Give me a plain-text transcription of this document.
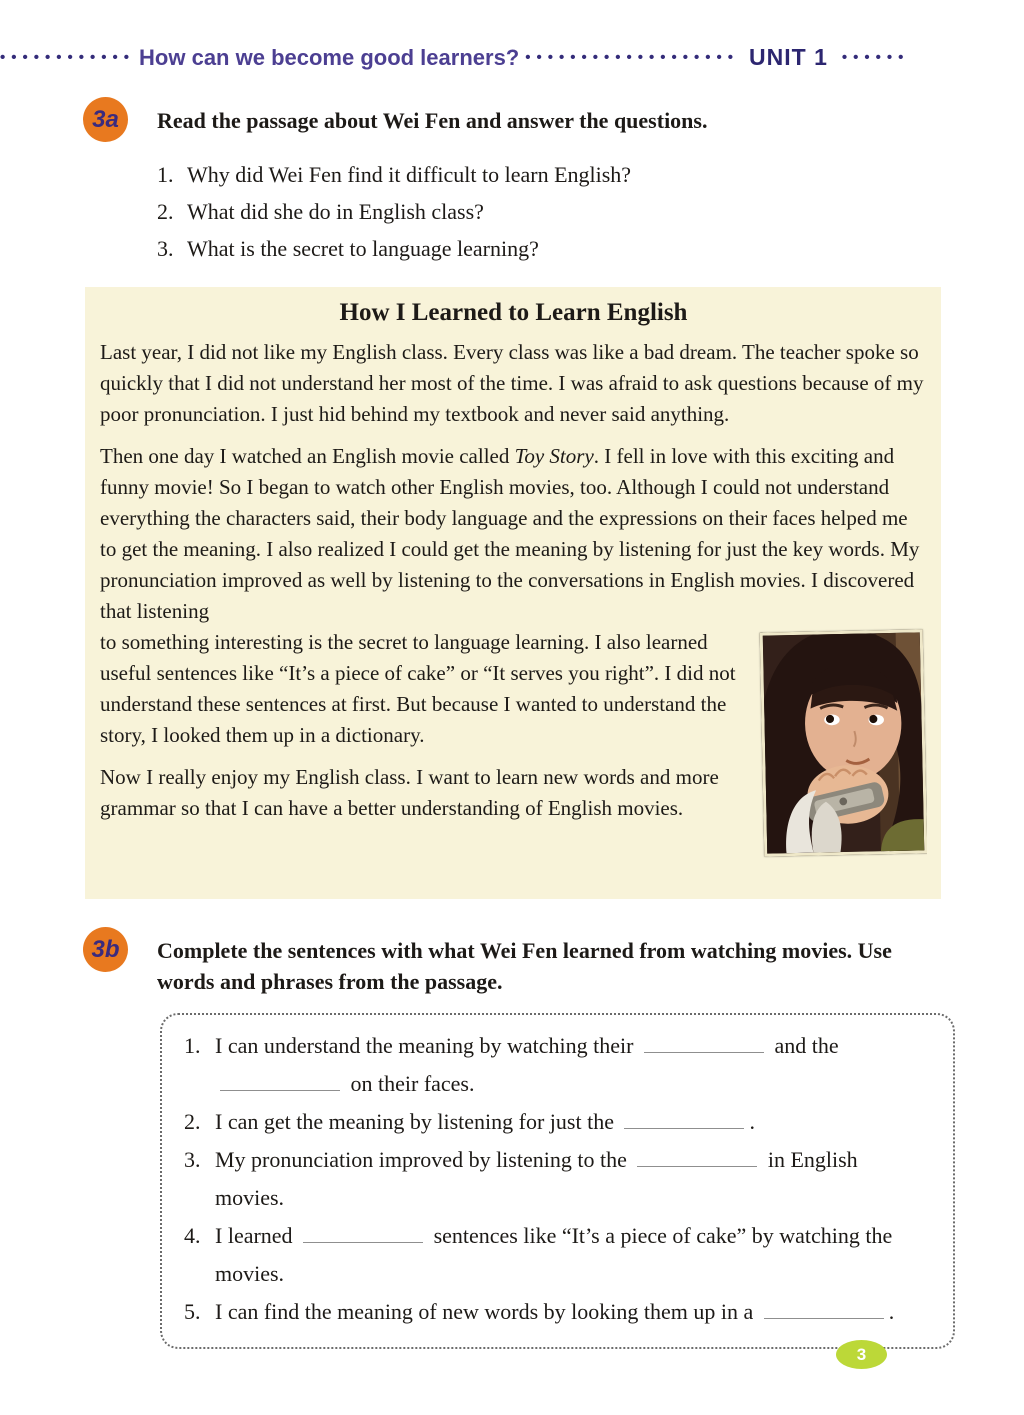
•••••••••••• How can we become good learners? ••••••••••••••••••• UNIT 1 ••••••
3a	Read the passage about Wei Fen and answer the questions.
1. Why did Wei Fen find it difficult to learn English?
2. What did she do in English class?
3. What is the secret to language learning?
How I Learned to Learn English

Last year, I did not like my English class. Every class was like a bad dream. The teacher spoke so quickly that I did not understand her most of the time. I was afraid to ask questions because of my poor pronunciation. I just hid behind my textbook and never said anything.

Then one day I watched an English movie called Toy Story. I fell in love with this exciting and funny movie! So I began to watch other English movies, too. Although I could not understand everything the characters said, their body language and the expressions on their faces helped me to get the meaning. I also realized I could get the meaning by listening for just the key words. My pronunciation improved as well by listening to the conversations in English movies. I discovered that listening

to something interesting is the secret to language learning. I also learned useful sentences like “It’s a piece of cake” or “It serves you right”. I did not understand these sentences at first. But because I wanted to understand the story, I looked them up in a dictionary.

Now I really enjoy my English class. I want to learn new words and more grammar so that I can have a better understanding of English movies.

3b	Complete the sentences with what Wei Fen learned from watching movies. Use words and phrases from the passage.
1. I can understand the meaning by watching their	and the  on their faces.
2. I can get the meaning by listening for just the	.
3. My pronunciation improved by listening to the	in English movies.
4. I learned	sentences like “It’s a piece of cake” by watching the movies.
5. I can find the meaning of new words by looking them up in a	.
3
